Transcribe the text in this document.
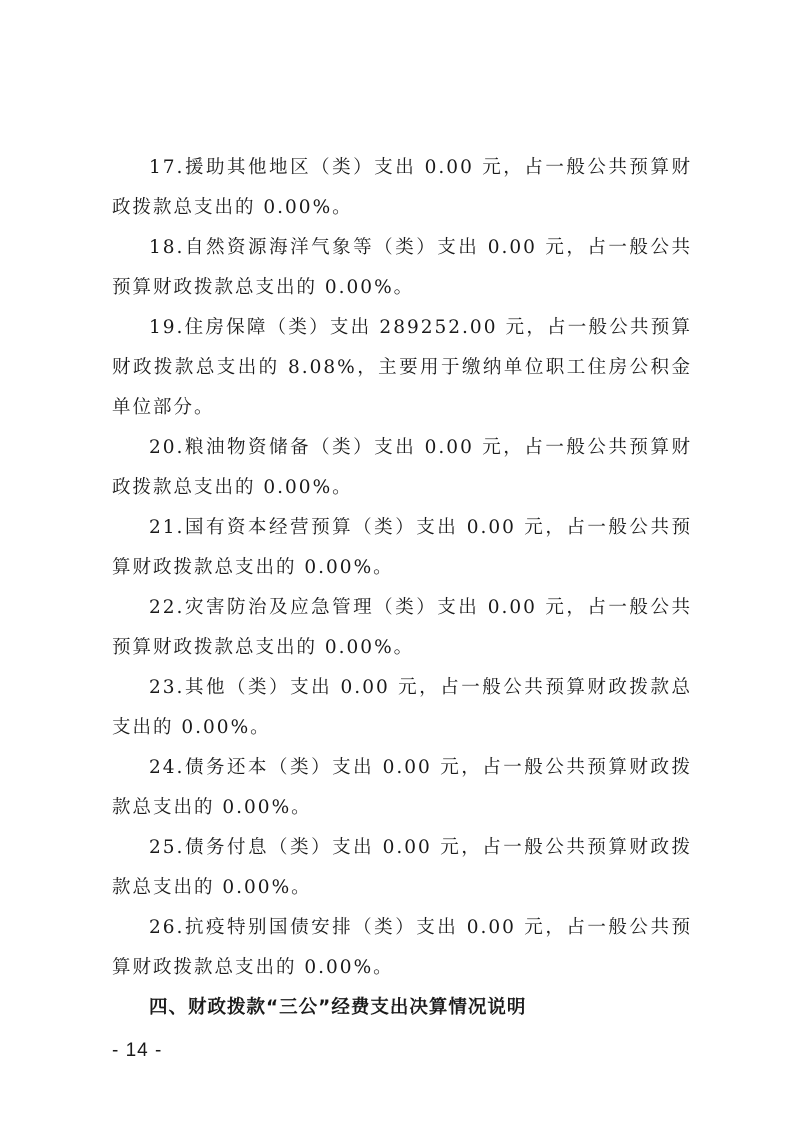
17.援助其他地区（类）支出 0.00 元，占一般公共预算财政拨款总支出的 0.00%。

18.自然资源海洋气象等（类）支出 0.00 元，占一般公共预算财政拨款总支出的 0.00%。

19.住房保障（类）支出 289252.00 元，占一般公共预算财政拨款总支出的 8.08%，主要用于缴纳单位职工住房公积金单位部分。

20.粮油物资储备（类）支出 0.00 元，占一般公共预算财政拨款总支出的 0.00%。

21.国有资本经营预算（类）支出 0.00 元，占一般公共预算财政拨款总支出的 0.00%。

22.灾害防治及应急管理（类）支出 0.00 元，占一般公共预算财政拨款总支出的 0.00%。

23.其他（类）支出 0.00 元，占一般公共预算财政拨款总支出的 0.00%。

24.债务还本（类）支出 0.00 元，占一般公共预算财政拨款总支出的 0.00%。

25.债务付息（类）支出 0.00 元，占一般公共预算财政拨款总支出的 0.00%。

26.抗疫特别国债安排（类）支出 0.00 元，占一般公共预算财政拨款总支出的 0.00%。

四、财政拨款“三公”经费支出决算情况说明

- 14 -
